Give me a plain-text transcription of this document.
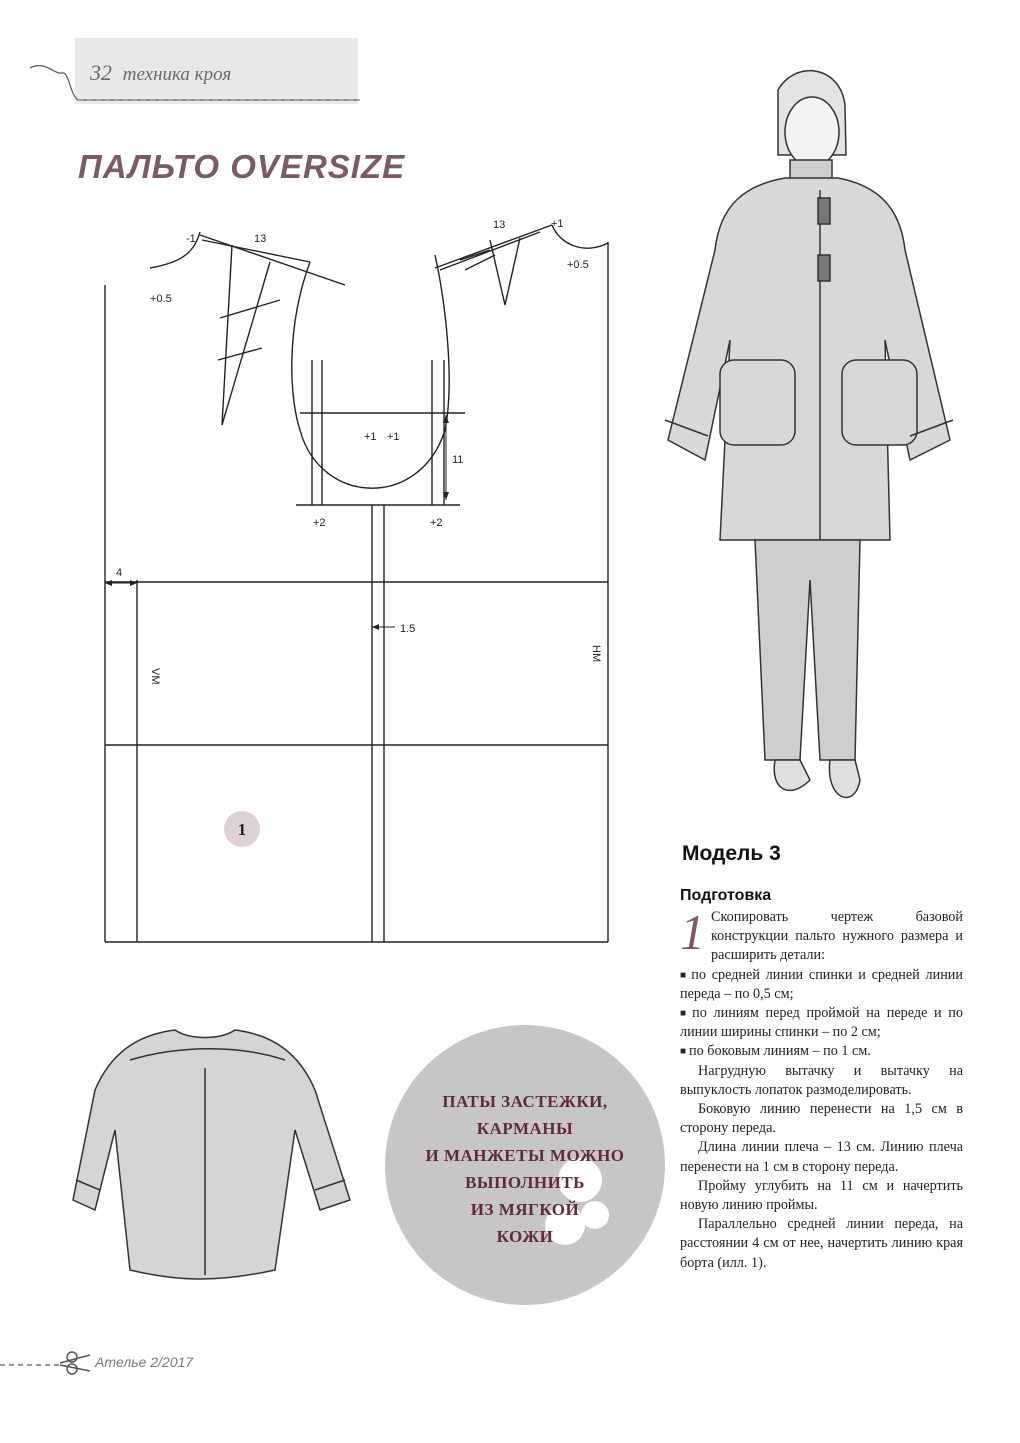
32 техника кроя
ПАЛЬТО OVERSIZE
-1	13
13	+1
+0.5
+0.5
+1 +1
11
+2	+2
4
1.5
VM
HM
1
Модель 3
Подготовка

1 Скопировать чертеж базовой конструкции пальто нужного размера и расширить детали:

■ по средней линии спинки и средней линии переда – по 0,5 см;

■ по линиям перед проймой на переде и по линии ширины спинки – по 2 см;

■ по боковым линиям – по 1 см.

Нагрудную вытачку и вытачку на выпуклость лопаток размоделировать.

Боковую линию перенести на 1,5 см в сторону переда.

Длина линии плеча – 13 см. Линию плеча перенести на 1 см в сторону переда.

Пройму углубить на 11 см и начертить новую линию проймы.

Параллельно средней линии переда, на расстоянии 4 см от нее, начертить линию края борта (илл. 1).

ПАТЫ ЗАСТЕЖКИ,
КАРМАНЫ
И МАНЖЕТЫ МОЖНО
ВЫПОЛНИТЬ
ИЗ МЯГКОЙ
КОЖИ
Ателье 2/2017
